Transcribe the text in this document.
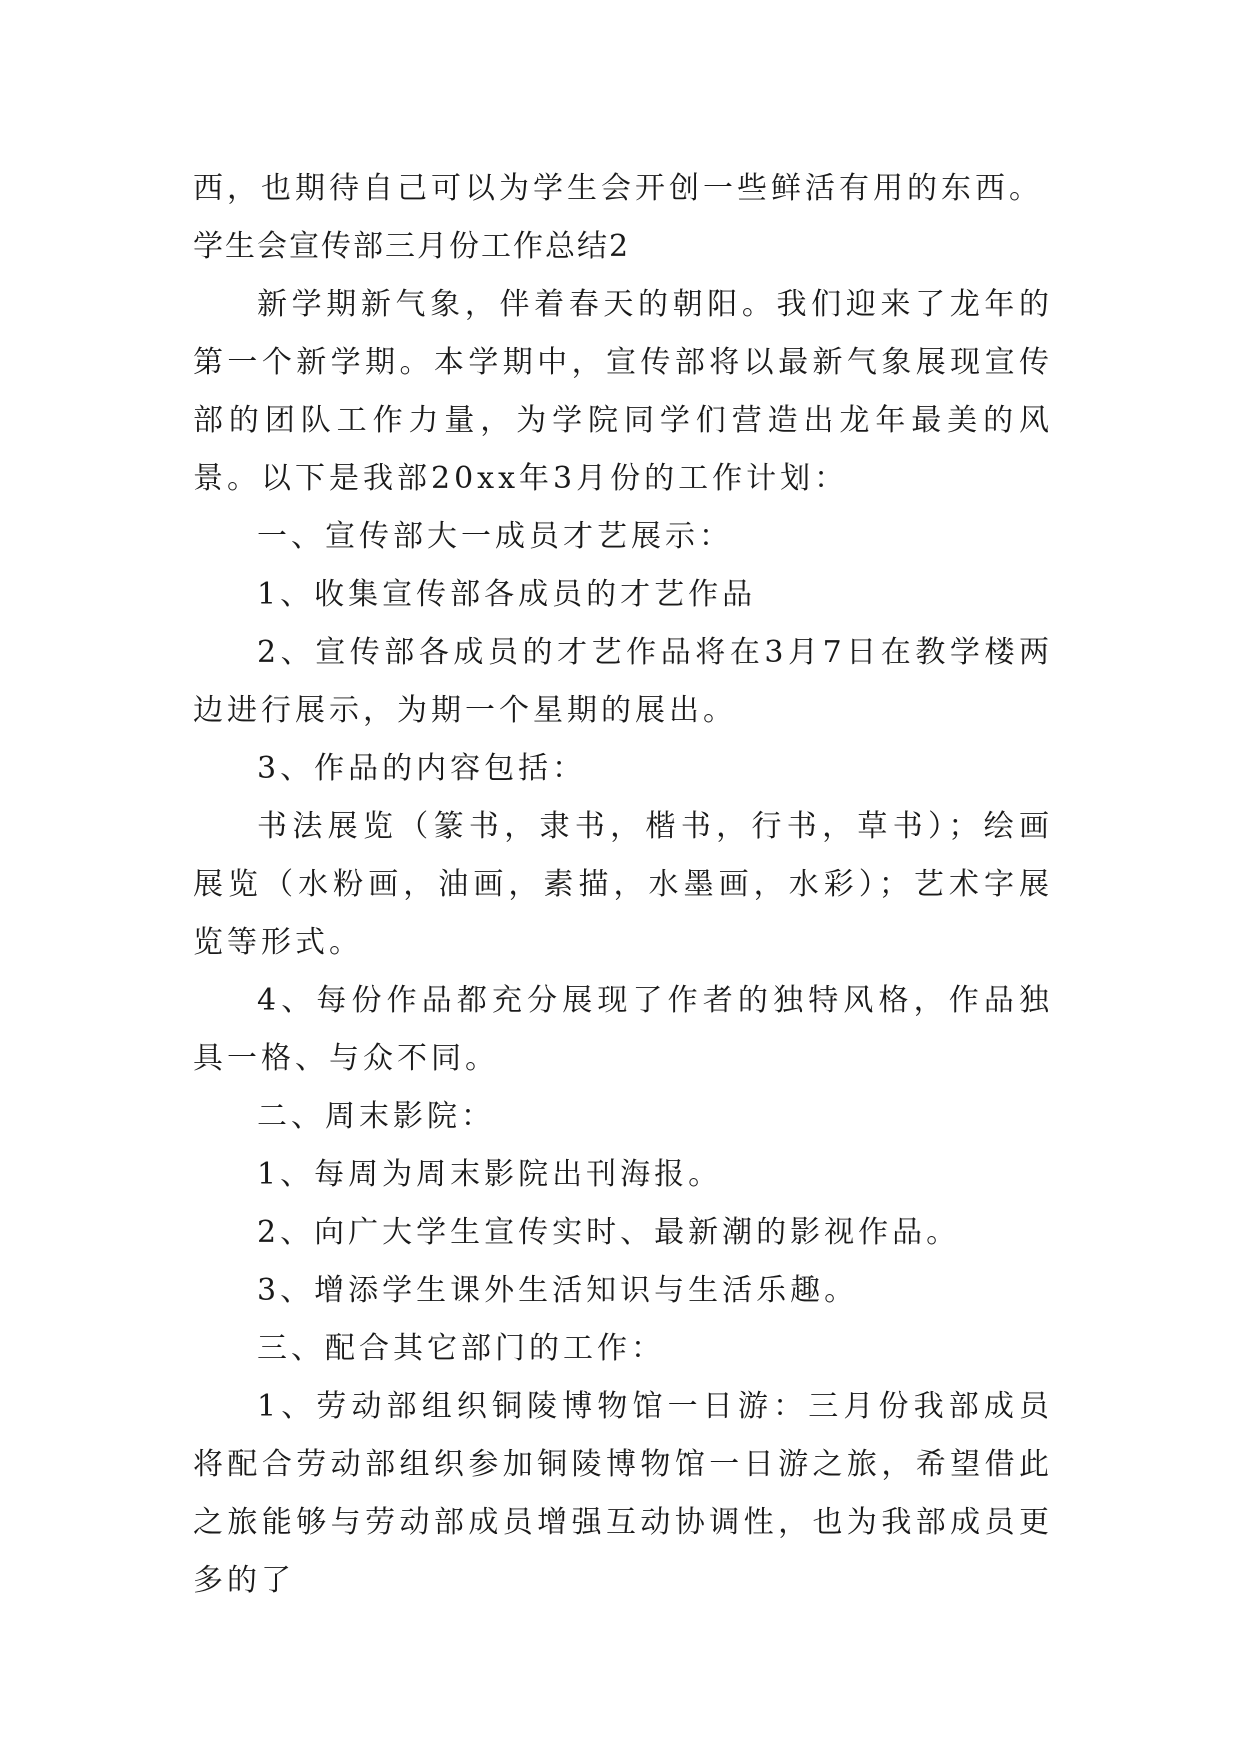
西，也期待自己可以为学生会开创一些鲜活有用的东西。

学生会宣传部三月份工作总结2

新学期新气象，伴着春天的朝阳。我们迎来了龙年的第一个新学期。本学期中，宣传部将以最新气象展现宣传部的团队工作力量，为学院同学们营造出龙年最美的风景。以下是我部20xx年3月份的工作计划：

一、宣传部大一成员才艺展示：

1、收集宣传部各成员的才艺作品

2、宣传部各成员的才艺作品将在3月7日在教学楼两边进行展示，为期一个星期的展出。

3、作品的内容包括：

书法展览（篆书，隶书，楷书，行书，草书）；绘画展览（水粉画，油画，素描，水墨画，水彩）；艺术字展览等形式。

4、每份作品都充分展现了作者的独特风格，作品独具一格、与众不同。

二、周末影院：

1、每周为周末影院出刊海报。

2、向广大学生宣传实时、最新潮的影视作品。

3、增添学生课外生活知识与生活乐趣。

三、配合其它部门的工作：

1、劳动部组织铜陵博物馆一日游：三月份我部成员将配合劳动部组织参加铜陵博物馆一日游之旅，希望借此之旅能够与劳动部成员增强互动协调性，也为我部成员更多的了
